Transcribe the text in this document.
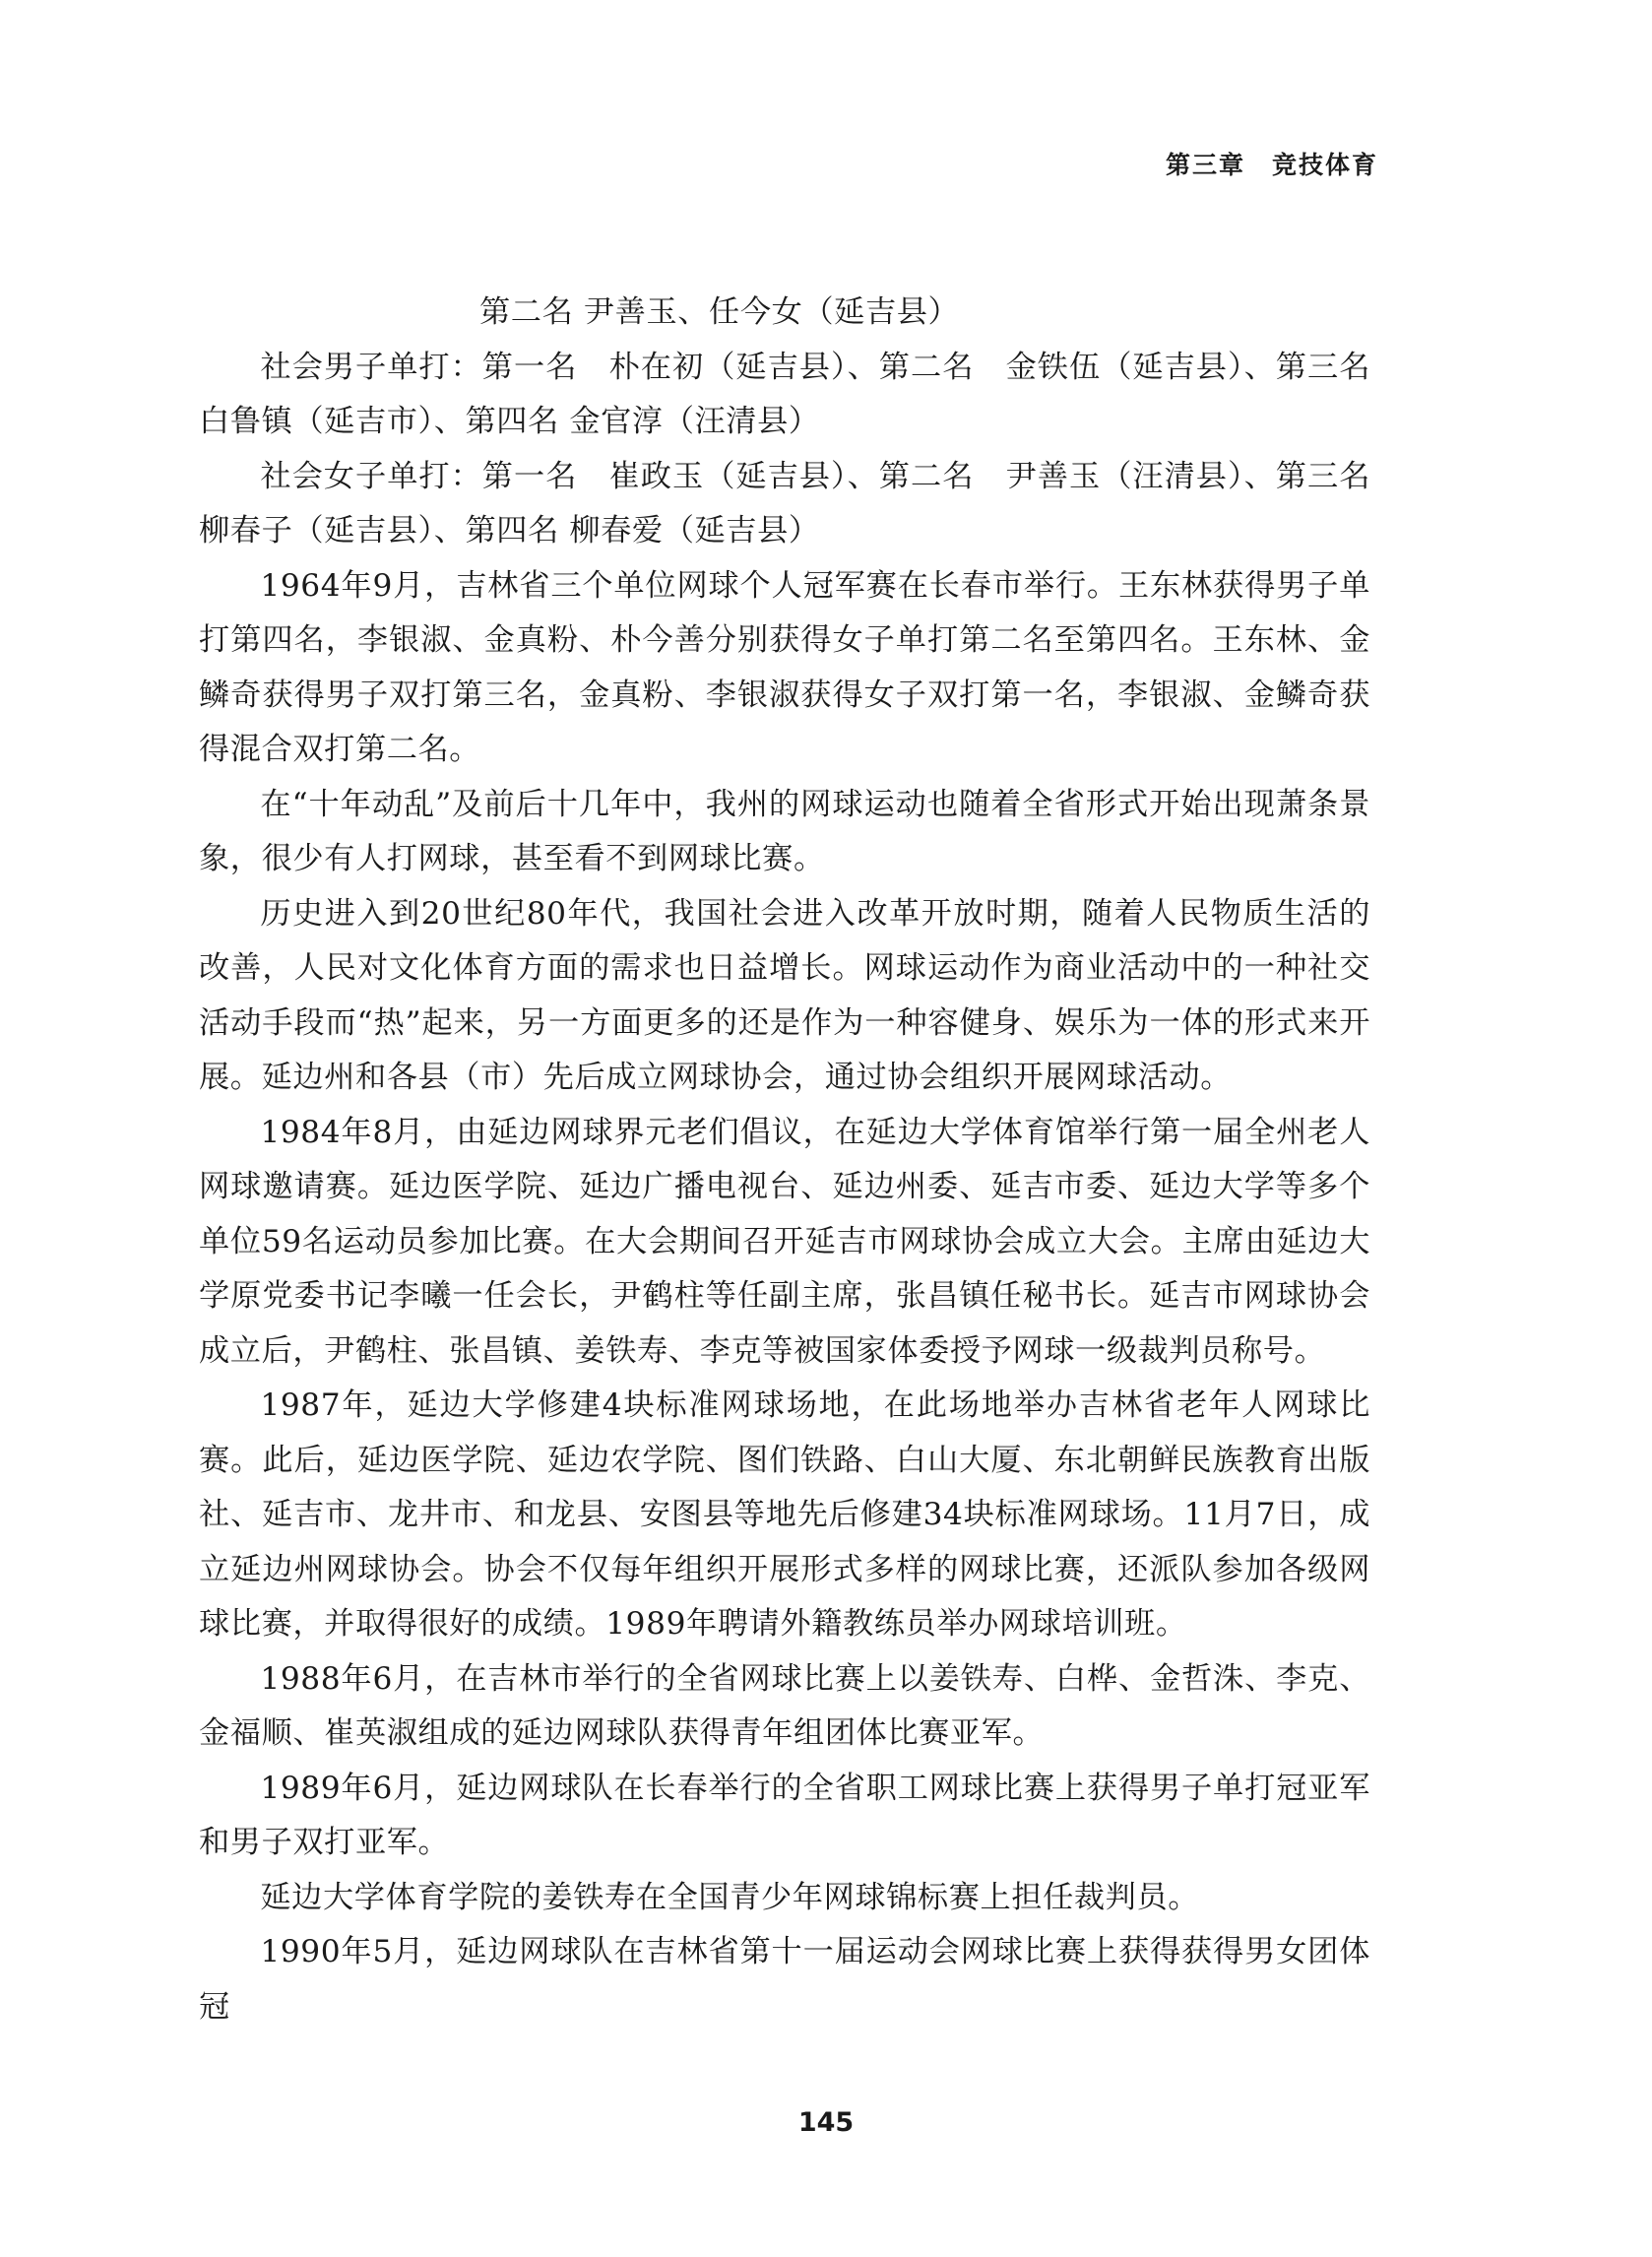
第三章　竞技体育

第二名 尹善玉、任今女（延吉县）

社会男子单打：第一名　朴在初（延吉县）、第二名　金铁伍（延吉县）、第三名　白鲁镇（延吉市）、第四名 金官淳（汪清县）

社会女子单打：第一名　崔政玉（延吉县）、第二名　尹善玉（汪清县）、第三名　柳春子（延吉县）、第四名 柳春爱（延吉县）

1964年9月，吉林省三个单位网球个人冠军赛在长春市举行。王东林获得男子单打第四名，李银淑、金真粉、朴今善分别获得女子单打第二名至第四名。王东林、金鳞奇获得男子双打第三名，金真粉、李银淑获得女子双打第一名，李银淑、金鳞奇获得混合双打第二名。

在“十年动乱”及前后十几年中，我州的网球运动也随着全省形式开始出现萧条景象，很少有人打网球，甚至看不到网球比赛。

历史进入到20世纪80年代，我国社会进入改革开放时期，随着人民物质生活的改善，人民对文化体育方面的需求也日益增长。网球运动作为商业活动中的一种社交活动手段而“热”起来，另一方面更多的还是作为一种容健身、娱乐为一体的形式来开展。延边州和各县（市）先后成立网球协会，通过协会组织开展网球活动。

1984年8月，由延边网球界元老们倡议，在延边大学体育馆举行第一届全州老人网球邀请赛。延边医学院、延边广播电视台、延边州委、延吉市委、延边大学等多个单位59名运动员参加比赛。在大会期间召开延吉市网球协会成立大会。主席由延边大学原党委书记李曦一任会长，尹鹤柱等任副主席，张昌镇任秘书长。延吉市网球协会成立后，尹鹤柱、张昌镇、姜铁寿、李克等被国家体委授予网球一级裁判员称号。

1987年，延边大学修建4块标准网球场地，在此场地举办吉林省老年人网球比赛。此后，延边医学院、延边农学院、图们铁路、白山大厦、东北朝鲜民族教育出版社、延吉市、龙井市、和龙县、安图县等地先后修建34块标准网球场。11月7日，成立延边州网球协会。协会不仅每年组织开展形式多样的网球比赛，还派队参加各级网球比赛，并取得很好的成绩。1989年聘请外籍教练员举办网球培训班。

1988年6月，在吉林市举行的全省网球比赛上以姜铁寿、白桦、金哲洙、李克、金福顺、崔英淑组成的延边网球队获得青年组团体比赛亚军。

1989年6月，延边网球队在长春举行的全省职工网球比赛上获得男子单打冠亚军和男子双打亚军。

延边大学体育学院的姜铁寿在全国青少年网球锦标赛上担任裁判员。

1990年5月，延边网球队在吉林省第十一届运动会网球比赛上获得获得男女团体冠

145
